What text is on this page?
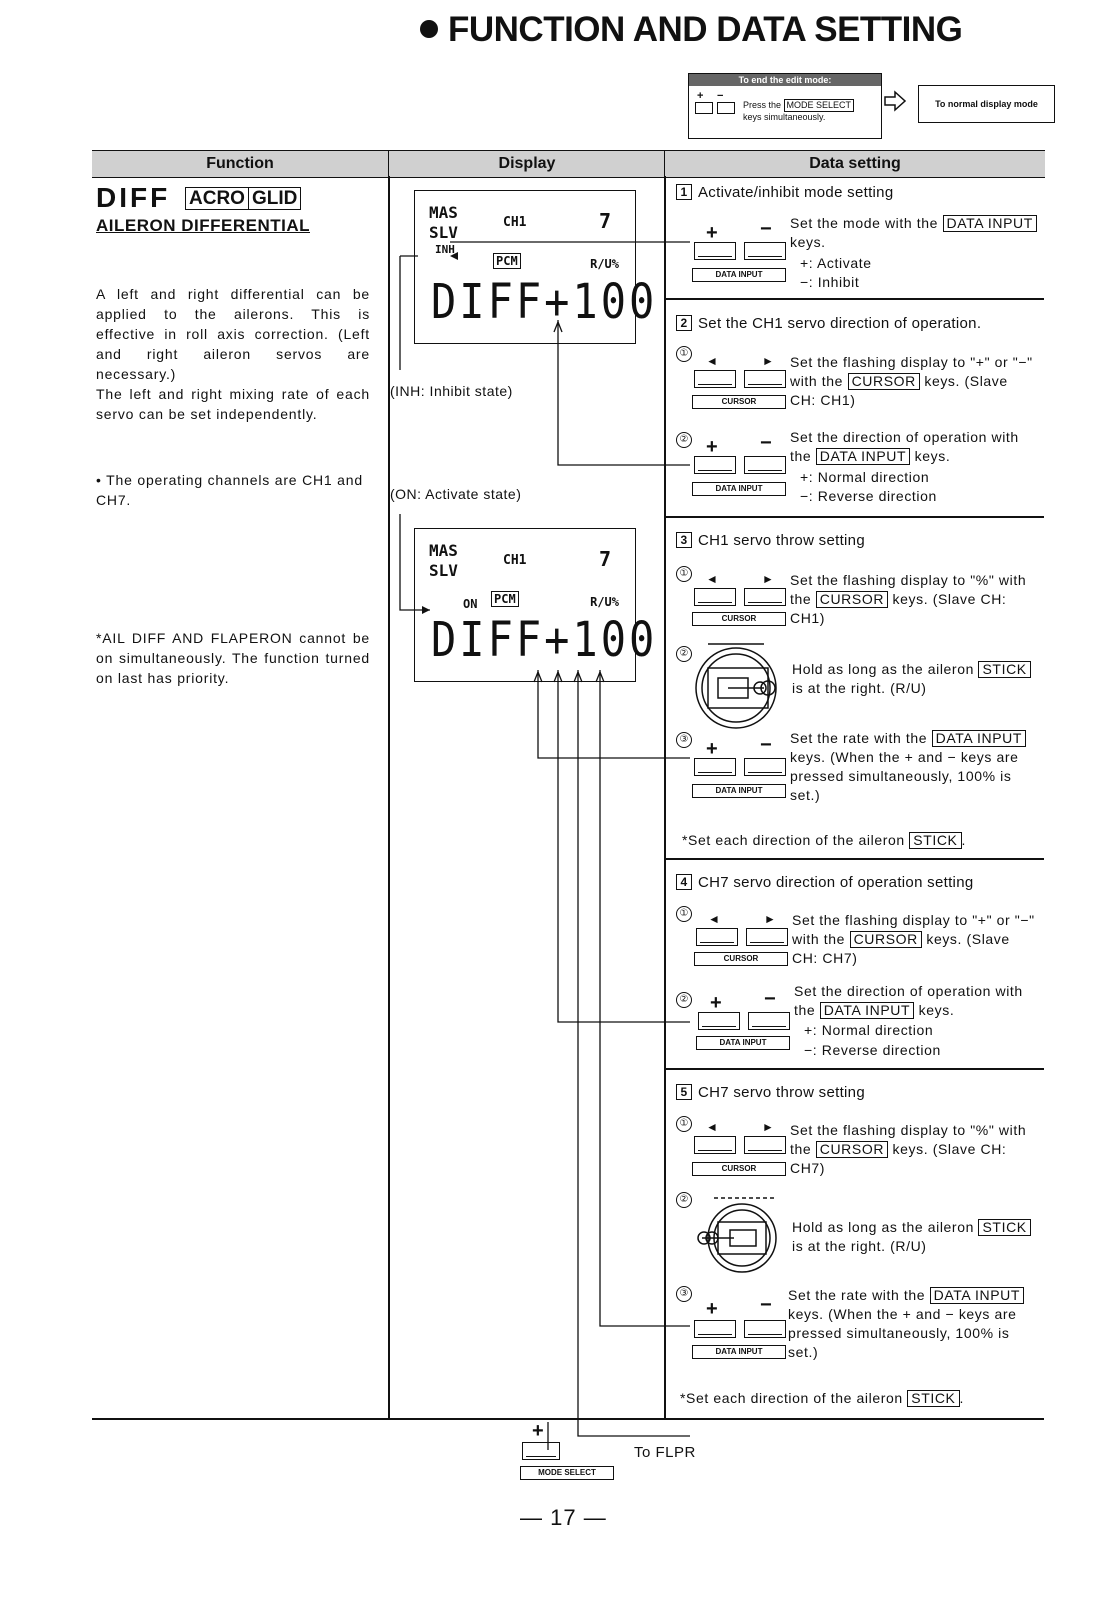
FUNCTION AND DATA SETTING
To end the edit mode:
+ −
Press the MODE SELECT
keys simultaneously.
To normal display mode
Function	Display	Data setting
DIFF ACRO GLID
AILERON DIFFERENTIAL
A left and right differential can be applied to the ailerons. This is effective in roll axis correction. (Left and right aileron servos are necessary.)
The left and right mixing rate of each servo can be set independently.
• The operating channels are CH1 and CH7.
*AIL DIFF AND FLAPERON cannot be on simultaneously. The function turned on last has priority.
MAS
SLV
INH
CH1	7
PCM	R/U%
DIFF+100
MAS
SLV
ON
CH1	7
PCM	R/U%
DIFF+100
(INH: Inhibit state)
(ON: Activate state)
1 Activate/inhibit mode setting
+ −
DATA INPUT
Set the mode with the DATA INPUT keys.
+: Activate
−: Inhibit
2 Set the CH1 servo direction of operation.
①
◄	►
CURSOR
Set the flashing display to "+" or "−" with the CURSOR keys. (Slave CH: CH1)
② + −
DATA INPUT
Set the direction of operation with the DATA INPUT keys.
+: Normal direction
−: Reverse direction
3 CH1 servo throw setting
① ◄	►
CURSOR
Set the flashing display to "%" with the CURSOR keys. (Slave CH: CH1)
②
Hold as long as the aileron STICK is at the right. (R/U)
③ + −
DATA INPUT
Set the rate with the DATA INPUT keys. (When the + and − keys are pressed simultaneously, 100% is set.)
*Set each direction of the aileron STICK .
4 CH7 servo direction of operation setting
① ◄	►
CURSOR
Set the flashing display to "+" or "−" with the CURSOR keys. (Slave CH: CH7)
② + −
DATA INPUT
Set the direction of operation with the DATA INPUT keys.
+: Normal direction
−: Reverse direction
5 CH7 servo throw setting
① ◄	►
CURSOR
Set the flashing display to "%" with the CURSOR keys. (Slave CH: CH7)
②
Hold as long as the aileron STICK is at the right. (R/U)
③
+ −
DATA INPUT
Set the rate with the DATA INPUT keys. (When the + and − keys are pressed simultaneously, 100% is set.)
*Set each direction of the aileron STICK .
+
MODE SELECT
To FLPR
— 17 —
